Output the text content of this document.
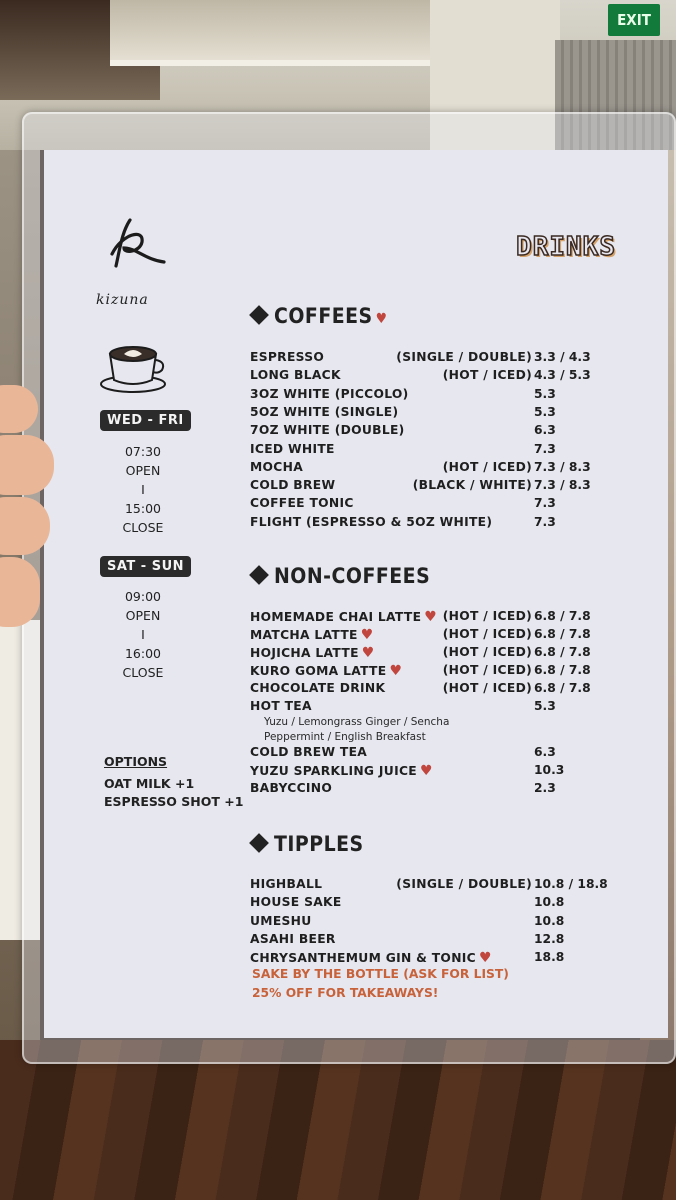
EXIT
kizuna
WED - FRI
07:30
OPEN
I
15:00
CLOSE
SAT - SUN
09:00
OPEN
I
16:00
CLOSE
OPTIONS
OAT MILK +1
ESPRESSO SHOT +1
DRINKS
COFFEES ♥
ESPRESSO	(SINGLE / DOUBLE) 3.3 / 4.3
LONG BLACK	(HOT / ICED) 4.3 / 5.3
3OZ WHITE (PICCOLO)	5.3
5OZ WHITE (SINGLE)	5.3
7OZ WHITE (DOUBLE)	6.3
ICED WHITE	7.3
MOCHA	(HOT / ICED) 7.3 / 8.3
COLD BREW	(BLACK / WHITE) 7.3 / 8.3
COFFEE TONIC	7.3
FLIGHT (ESPRESSO & 5OZ WHITE)	7.3
NON-COFFEES
HOMEMADE CHAI LATTE ♥ (HOT / ICED) 6.8 / 7.8
MATCHA LATTE ♥	(HOT / ICED) 6.8 / 7.8
HOJICHA LATTE ♥	(HOT / ICED) 6.8 / 7.8
KURO GOMA LATTE ♥	(HOT / ICED) 6.8 / 7.8
CHOCOLATE DRINK	(HOT / ICED) 6.8 / 7.8
HOT TEA	5.3
COLD BREW TEA	6.3
YUZU SPARKLING JUICE ♥	10.3
BABYCCINO	2.3
Yuzu / Lemongrass Ginger / Sencha
Peppermint / English Breakfast
TIPPLES
HIGHBALL	(SINGLE / DOUBLE) 10.8 / 18.8
HOUSE SAKE	10.8
UMESHU	10.8
ASAHI BEER	12.8
CHRYSANTHEMUM GIN & TONIC ♥	18.8
SAKE BY THE BOTTLE (ASK FOR LIST)
25% OFF FOR TAKEAWAYS!
